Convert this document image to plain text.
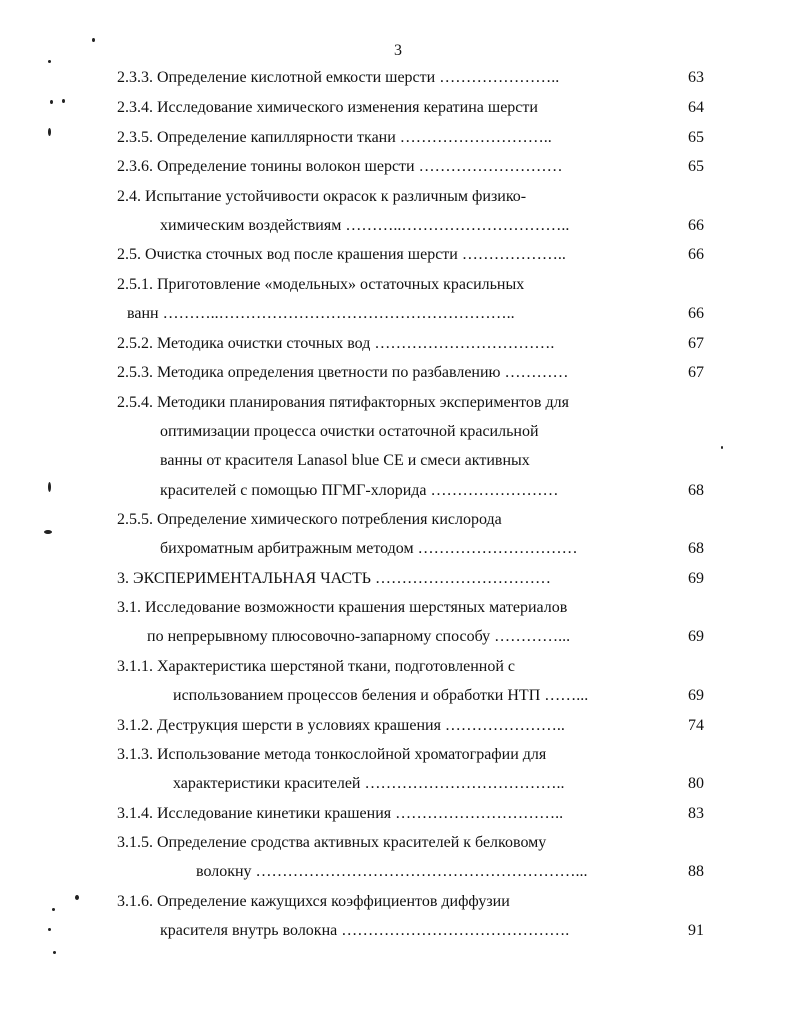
3
2.3.3. Определение кислотной емкости шерсти …………………..	63
2.3.4. Исследование химического изменения кератина шерсти	64
2.3.5. Определение капиллярности ткани ………………………..	65
2.3.6. Определение тонины волокон шерсти ………………………	65
2.4. Испытание устойчивости окрасок к различным физико-
химическим воздействиям ………..…………………………..	66
2.5. Очистка сточных вод после крашения шерсти ………………..	66
2.5.1. Приготовление «модельных» остаточных красильных
ванн ………..………………………………………………..	66
2.5.2. Методика очистки сточных вод …………………………….	67
2.5.3. Методика определения цветности по разбавлению …………	67
2.5.4. Методики планирования пятифакторных экспериментов для
оптимизации процесса очистки остаточной красильной
ванны от красителя Lanasol blue CE и смеси активных
красителей с помощью ПГМГ-хлорида ……………………	68
2.5.5. Определение химического потребления кислорода
бихроматным арбитражным методом …………………………	68
3. ЭКСПЕРИМЕНТАЛЬНАЯ ЧАСТЬ ……………………………	69
3.1. Исследование возможности крашения шерстяных материалов
по непрерывному плюсовочно-запарному способу …………...	69
3.1.1. Характеристика шерстяной ткани, подготовленной с
использованием процессов беления и обработки НТП ……...	69
3.1.2. Деструкция шерсти в условиях крашения …………………..	74
3.1.3. Использование метода тонкослойной хроматографии для
характеристики красителей ………………………………..	80
3.1.4. Исследование кинетики крашения …………………………..	83
3.1.5. Определение сродства активных красителей к белковому
волокну ……………………………………………………...	88
3.1.6. Определение кажущихся коэффициентов диффузии
красителя внутрь волокна …………………………………….	91
